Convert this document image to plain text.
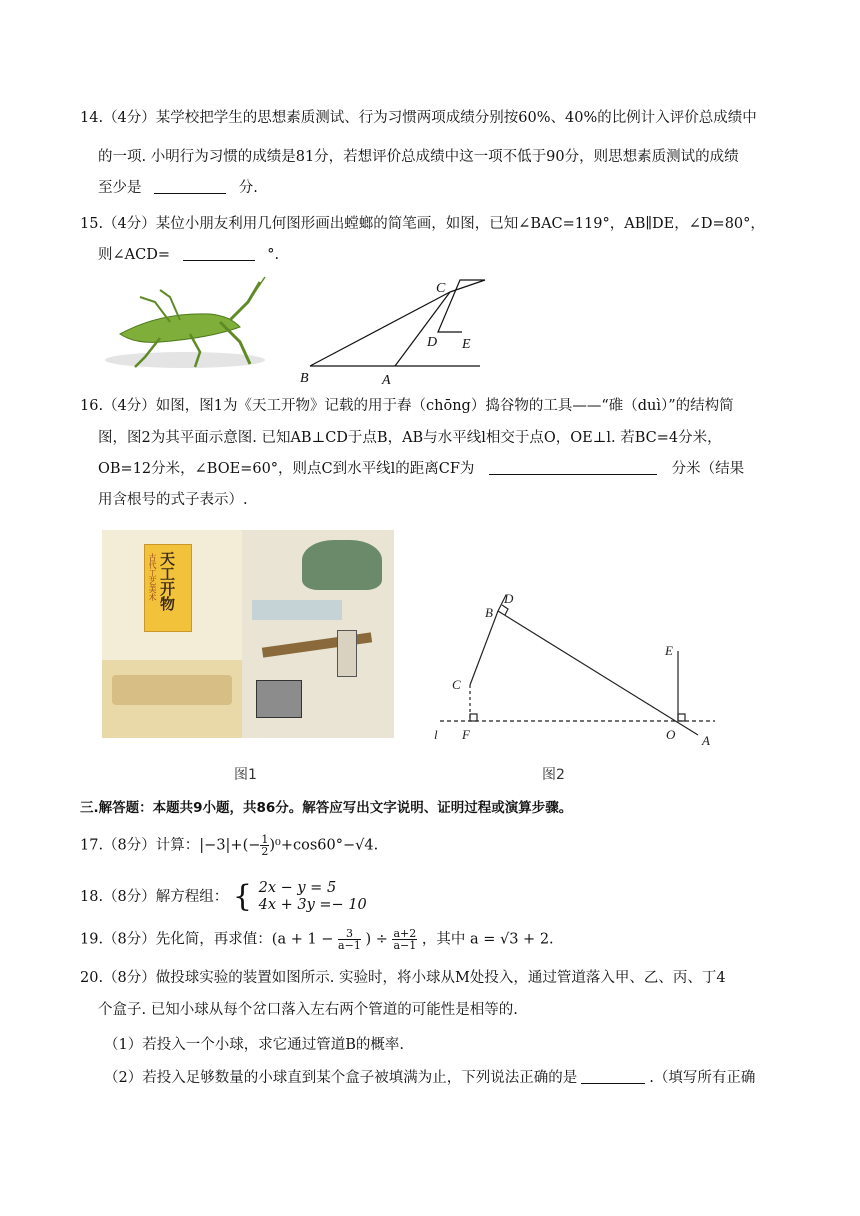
14.（4分）某学校把学生的思想素质测试、行为习惯两项成绩分别按60%、40%的比例计入评价总成绩中
的一项. 小明行为习惯的成绩是81分，若想评价总成绩中这一项不低于90分，则思想素质测试的成绩
至少是	分.
15.（4分）某位小朋友利用几何图形画出螳螂的简笔画，如图，已知∠BAC=119°，AB∥DE，∠D=80°，
则∠ACD=	°.
C
D E
B	A
16.（4分）如图，图1为《天工开物》记载的用于舂（chōng）捣谷物的工具——“碓（duì）”的结构简
图，图2为其平面示意图. 已知AB⊥CD于点B，AB与水平线l相交于点O，OE⊥l. 若BC=4分米，
OB=12分米，∠BOE=60°，则点C到水平线l的距离CF为	分米（结果
用含根号的式子表示）.
天工开物
古代工艺美术
图1
D
B
C
E
l F	O A
图2
三.解答题：本题共9小题，共86分。解答应写出文字说明、证明过程或演算步骤。
17.（8分）计算：$|-3|+(- \frac{1}{2} )^0+\cos 60^\circ-√4$.
18.（8分）解方程组： { 2x − y = 5
4x + 3y =− 10
19.（8分）先化简，再求值：($a + 1 - \frac{3}{a-1}$ ) ÷ $\frac{a+2}{a-1}$ ，其中 a = √3 + 2.
20.（8分）做投球实验的装置如图所示. 实验时，将小球从M处投入，通过管道落入甲、乙、丙、丁4
个盒子. 已知小球从每个岔口落入左右两个管道的可能性是相等的.
（1）若投入一个小球，求它通过管道B的概率.
（2）若投入足够数量的小球直到某个盒子被填满为止，下列说法正确的是	.（填写所有正确
